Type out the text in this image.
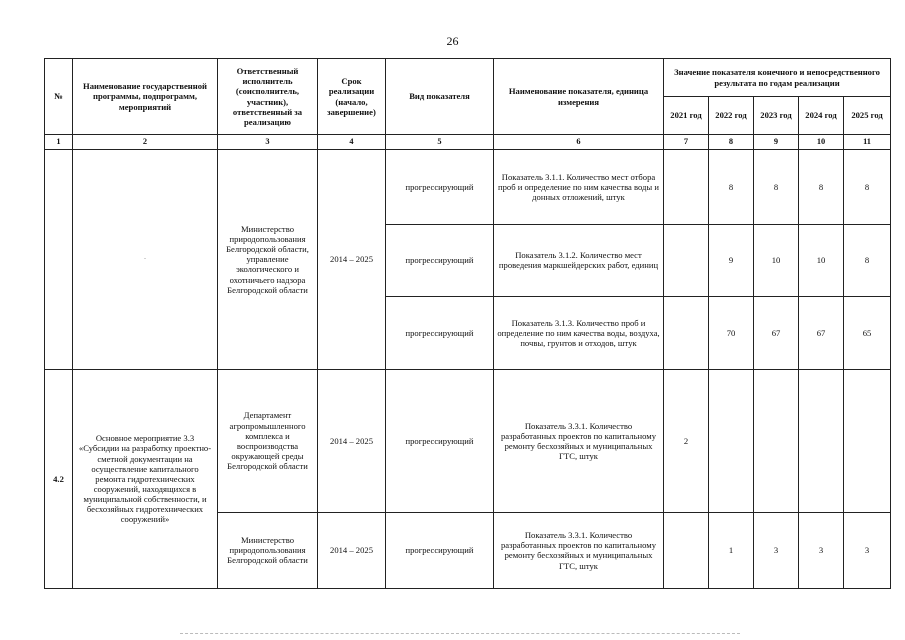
26
№	Наименование государственной программы, подпрограмм, мероприятий	Ответственный исполнитель (соисполнитель, участник), ответственный за реализацию	Срок реализации (начало, завершение)	Вид показателя	Наименование показателя, единица измерения	Значение показателя конечного и непосредственного результата по годам реализации				
						2021 год	2022 год	2023 год	2024 год	2025 год
1	2	3	4	5	6	7	8	9	10	11
	-	Министерство природопользования Белгородской области, управление экологического и охотничьего надзора Белгородской области	2014 – 2025	прогрессирующий	Показатель 3.1.1. Количество мест отбора проб и определение по ним качества воды и донных отложений, штук		8	8	8	8
				прогрессирующий	Показатель 3.1.2. Количество мест проведения маркшейдерских работ, единиц		9	10	10	8
				прогрессирующий	Показатель 3.1.3. Количество проб и определение по ним качества воды, воздуха, почвы, грунтов и отходов, штук		70	67	67	65
4.2	Основное мероприятие 3.3 «Субсидии на разработку проектно-сметной документации на осуществление капитального ремонта гидротехнических сооружений, находящихся в муниципальной собственности, и бесхозяйных гидротехнических сооружений»	Департамент агропромышленного комплекса и воспроизводства окружающей среды Белгородской области	2014 – 2025	прогрессирующий	Показатель 3.3.1. Количество разработанных проектов по капитальному ремонту бесхозяйных и муниципальных ГТС, штук	2				
		Министерство природопользования Белгородской области	2014 – 2025	прогрессирующий	Показатель 3.3.1. Количество разработанных проектов по капитальному ремонту бесхозяйных и муниципальных ГТС, штук		1	3	3	3
